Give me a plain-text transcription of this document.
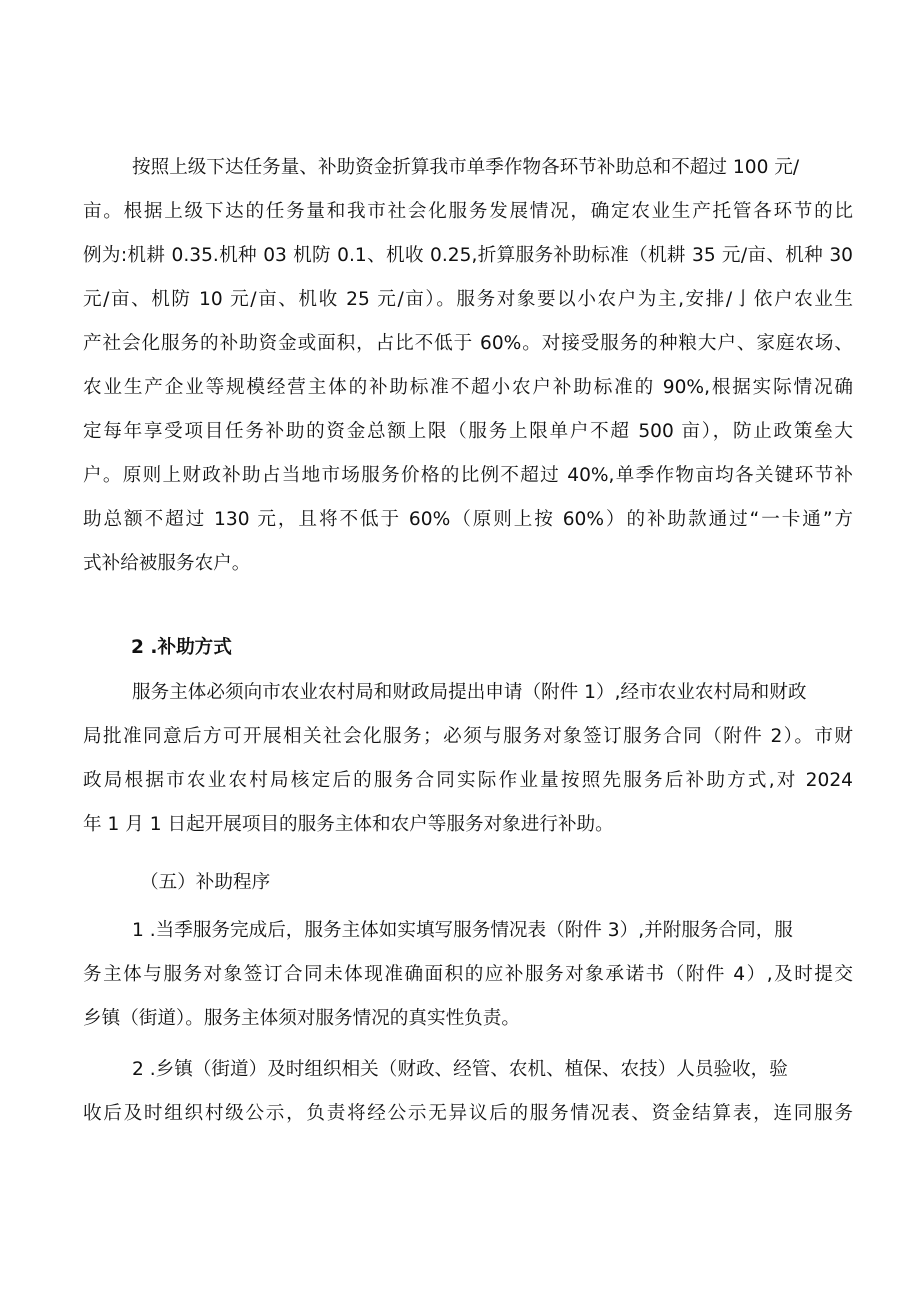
按照上级下达任务量、补助资金折算我市单季作物各环节补助总和不超过 100 元/
亩。根据上级下达的任务量和我市社会化服务发展情况，确定农业生产托管各环节的比
例为:机耕 0.35.机种 03 机防 0.1、机收 0.25,折算服务补助标准（机耕 35 元/亩、机种 30
元/亩、机防 10 元/亩、机收 25 元/亩）。服务对象要以小农户为主,安排/亅依户农业生
产社会化服务的补助资金或面积，占比不低于 60%。对接受服务的种粮大户、家庭农场、
农业生产企业等规模经营主体的补助标准不超小农户补助标准的 90%,根据实际情况确
定每年享受项目任务补助的资金总额上限（服务上限单户不超 500 亩），防止政策垒大
户。原则上财政补助占当地市场服务价格的比例不超过 40%,单季作物亩均各关键环节补
助总额不超过 130 元，且将不低于 60%（原则上按 60%）的补助款通过“一卡通”方
式补给被服务农户。
2 .补助方式
服务主体必须向市农业农村局和财政局提出申请（附件 1）,经市农业农村局和财政
局批准同意后方可开展相关社会化服务；必须与服务对象签订服务合同（附件 2）。市财
政局根据市农业农村局核定后的服务合同实际作业量按照先服务后补助方式,对 2024
年 1 月 1 日起开展项目的服务主体和农户等服务对象进行补助。
（五）补助程序
1 .当季服务完成后，服务主体如实填写服务情况表（附件 3）,并附服务合同，服
务主体与服务对象签订合同未体现准确面积的应补服务对象承诺书（附件 4）,及时提交
乡镇（街道）。服务主体须对服务情况的真实性负责。
2 .乡镇（街道）及时组织相关（财政、经管、农机、植保、农技）人员验收，验
收后及时组织村级公示，负责将经公示无异议后的服务情况表、资金结算表，连同服务
